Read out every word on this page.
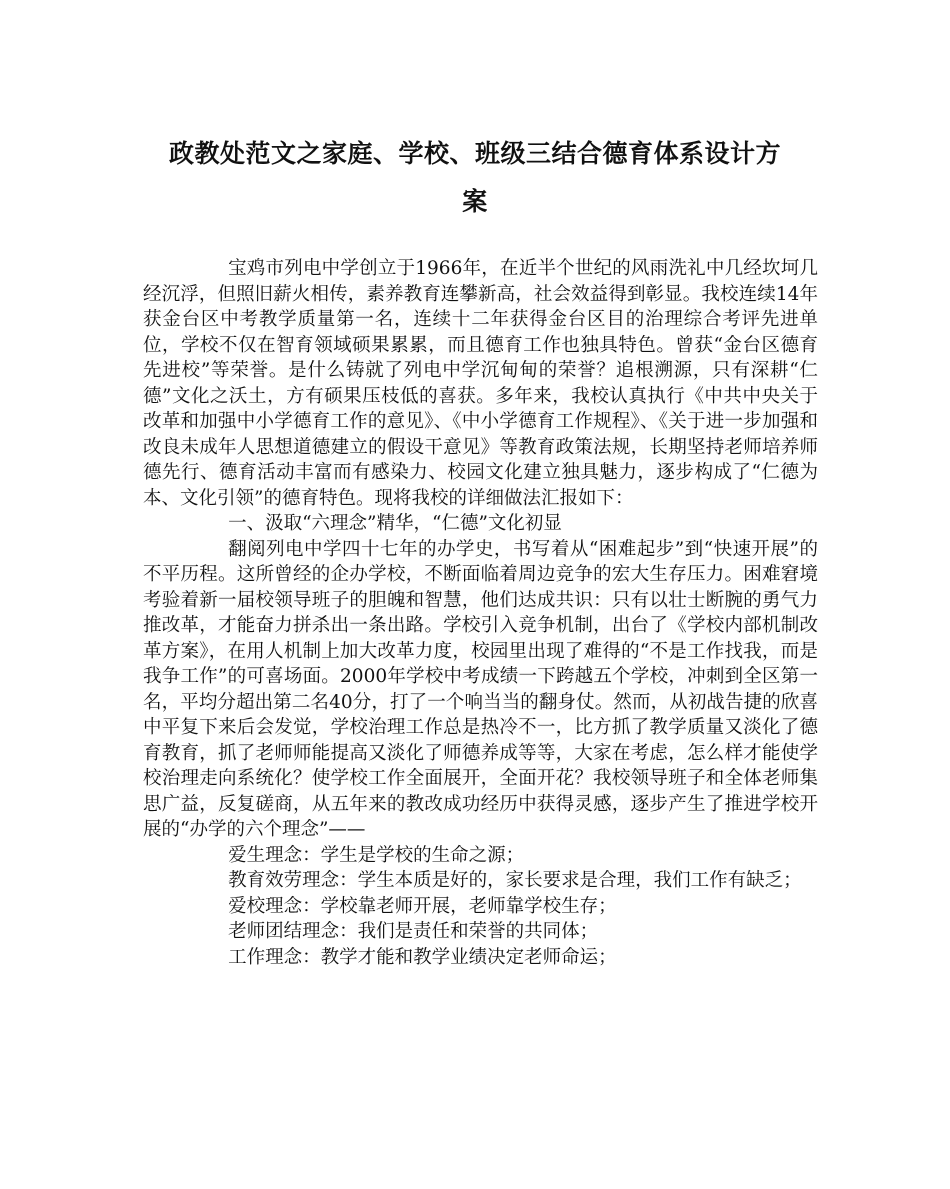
政教处范文之家庭、学校、班级三结合德育体系设计方
案

宝鸡市列电中学创立于1966年，在近半个世纪的风雨洗礼中几经坎坷几经沉浮，但照旧薪火相传，素养教育连攀新高，社会效益得到彰显。我校连续14年获金台区中考教学质量第一名，连续十二年获得金台区目的治理综合考评先进单位，学校不仅在智育领域硕果累累，而且德育工作也独具特色。曾获“金台区德育先进校”等荣誉。是什么铸就了列电中学沉甸甸的荣誉？追根溯源，只有深耕“仁德”文化之沃土，方有硕果压枝低的喜获。多年来，我校认真执行《中共中央关于改革和加强中小学德育工作的意见》、《中小学德育工作规程》、《关于进一步加强和改良未成年人思想道德建立的假设干意见》等教育政策法规，长期坚持老师培养师德先行、德育活动丰富而有感染力、校园文化建立独具魅力，逐步构成了“仁德为本、文化引领”的德育特色。现将我校的详细做法汇报如下：

一、汲取“六理念”精华，“仁德”文化初显

翻阅列电中学四十七年的办学史，书写着从“困难起步”到“快速开展”的不平历程。这所曾经的企办学校，不断面临着周边竞争的宏大生存压力。困难窘境考验着新一届校领导班子的胆魄和智慧，他们达成共识：只有以壮士断腕的勇气力推改革，才能奋力拼杀出一条出路。学校引入竞争机制，出台了《学校内部机制改革方案》，在用人机制上加大改革力度，校园里出现了难得的“不是工作找我，而是我争工作”的可喜场面。2000年学校中考成绩一下跨越五个学校，冲刺到全区第一名，平均分超出第二名40分，打了一个响当当的翻身仗。然而，从初战告捷的欣喜中平复下来后会发觉，学校治理工作总是热冷不一，比方抓了教学质量又淡化了德育教育，抓了老师师能提高又淡化了师德养成等等，大家在考虑，怎么样才能使学校治理走向系统化？使学校工作全面展开，全面开花？我校领导班子和全体老师集思广益，反复磋商，从五年来的教改成功经历中获得灵感，逐步产生了推进学校开展的“办学的六个理念”——

爱生理念：学生是学校的生命之源；

教育效劳理念：学生本质是好的，家长要求是合理，我们工作有缺乏；

爱校理念：学校靠老师开展，老师靠学校生存；

老师团结理念：我们是责任和荣誉的共同体；

工作理念：教学才能和教学业绩决定老师命运；
